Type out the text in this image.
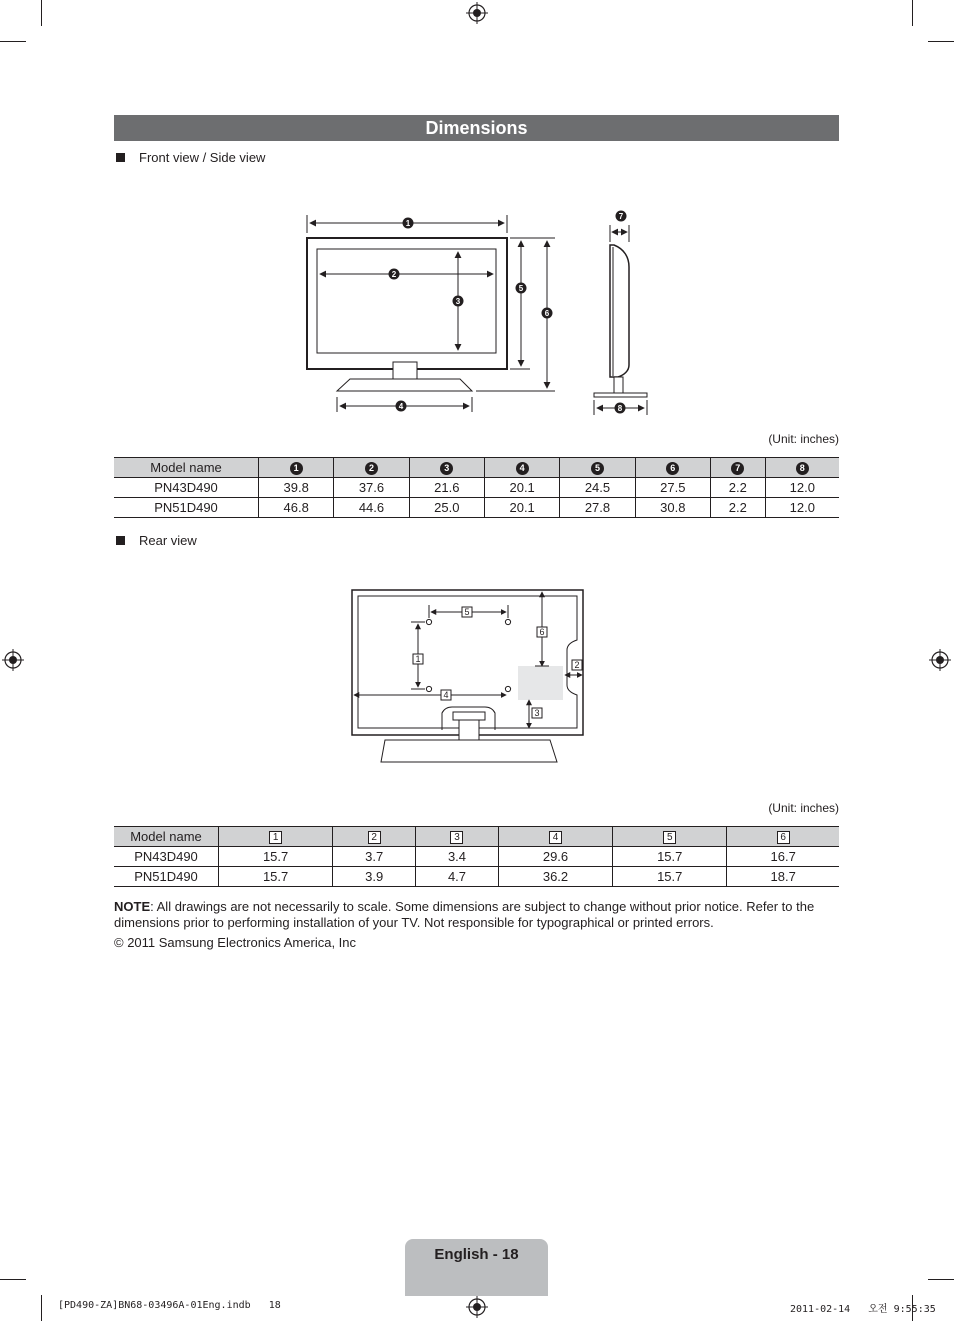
Dimensions
Front view / Side view
1
2
3
4
5
6
7
8
(Unit: inches)
Model name	1	2	3	4	5	6	7	8
PN43D490	39.8	37.6	21.6	20.1	24.5	27.5	2.2	12.0
PN51D490	46.8	44.6	25.0	20.1	27.8	30.8	2.2	12.0
Rear view
5
1
6
2
4
3
(Unit: inches)
Model name	1	2	3	4	5	6
PN43D490	15.7	3.7	3.4	29.6	15.7	16.7
PN51D490	15.7	3.9	4.7	36.2	15.7	18.7
NOTE: All drawings are not necessarily to scale. Some dimensions are subject to change without prior notice. Refer to the dimensions prior to performing installation of your TV. Not responsible for typographical or printed errors.
© 2011 Samsung Electronics America, Inc
English - 18
[PD490-ZA]BN68-03496A-01Eng.indb   18	2011-02-14   오전 9:55:35
